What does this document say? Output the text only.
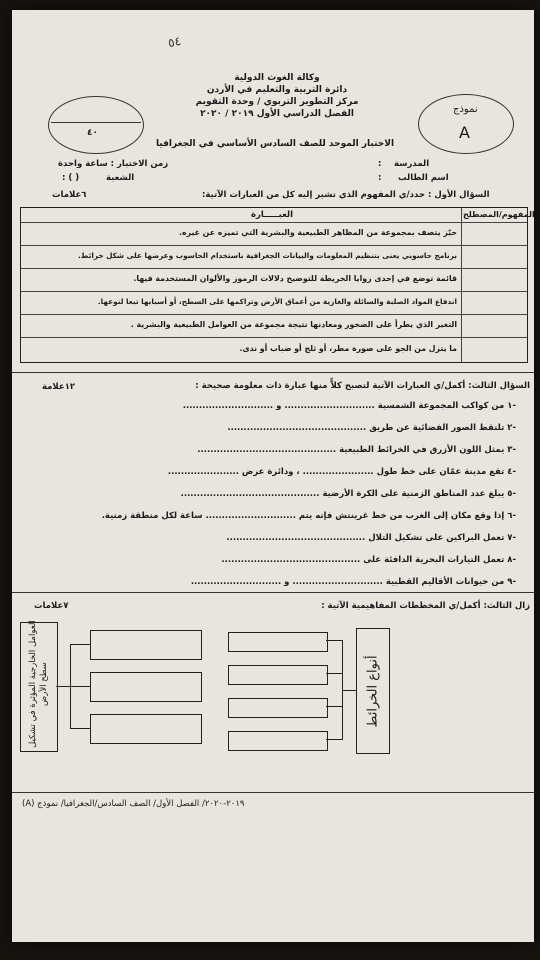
٥٤
٤٠
نموذج
A
وكالة الغوث الدولية
دائرة التربية والتعليم في الأردن
مركز التطوير التربوي / وحدة التقويم
الفصل الدراسي الأول ٢٠١٩ / ٢٠٢٠
الاختبار الموحد للصف السادس الأساسي في الجغرافيا
المدرسة
:
اسم الطالب
:
زمن الاختبار : ساعة واحدة
الشعبة
: ( )
السؤال الأول : حدد/ي المفهوم الذي تشير إليه كل من العبارات الآتية:
٦علامات
المفهوم/المصطلح
العبـــــارة
حيّز يتصف بمجموعة من المظاهر الطبيعية والبشرية التي تميزه عن غيره.
برنامج حاسوبي يعنى بتنظيم المعلومات والبيانات الجغرافية باستخدام الحاسوب وعرضها على شكل خرائط.
قائمة توضع في إحدى زوايا الخريطة للتوضيح دلالات الرموز والألوان المستخدمة فيها.
اندفاع المواد الصلبة والسائلة والغازية من أعماق الأرض وتراكمها على السطح، أو أسبابها تبعا لنوعها.
التغير الذي يطرأ على الصخور ومعادنها نتيجة مجموعة من العوامل الطبيعية والبشرية .
ما يتزل من الجو على صورة مطر، أو ثلج أو ضباب أو ندى.
السؤال الثالث: أكمل/ي العبارات الآتية لتصبح كلاًّ منها عبارة ذات معلومة صحيحة :
١٢علامة
-١ من كواكب المجموعة الشمسية ............................ و ............................
-٢ تلتقط الصور الفضائية عن طريق ...........................................
-٣ يمثل اللون الأزرق في الخرائط الطبيعية ...........................................
-٤ تقع مدينة عمّان على خط طول ...................... ، ودائرة عرض ......................
-٥ يبلغ عدد المناطق الزمنية على الكرة الأرضية ...........................................
-٦ إذا وقع مكان إلى الغرب من خط غرينتش فإنه يتم ............................ ساعة لكل منطقة زمنية.
-٧ تعمل البراكين على تشكيل التلال ...........................................
-٨ تعمل التيارات البحرية الدافئة على ...........................................
-٩ من حيوانات الأقاليم القطبية ............................ و ............................
زال الثالث: أكمل/ي المخططات المفاهيمية الآتية :
٧علامات
أنواع الخرائط
العوامل الخارجية المؤثرة في تشكيل سطح الأرض
٢٠١٩-٢٠٢٠/ الفصل الأول/ الصف السادس/الجغرافيا/ نموذج (A)
